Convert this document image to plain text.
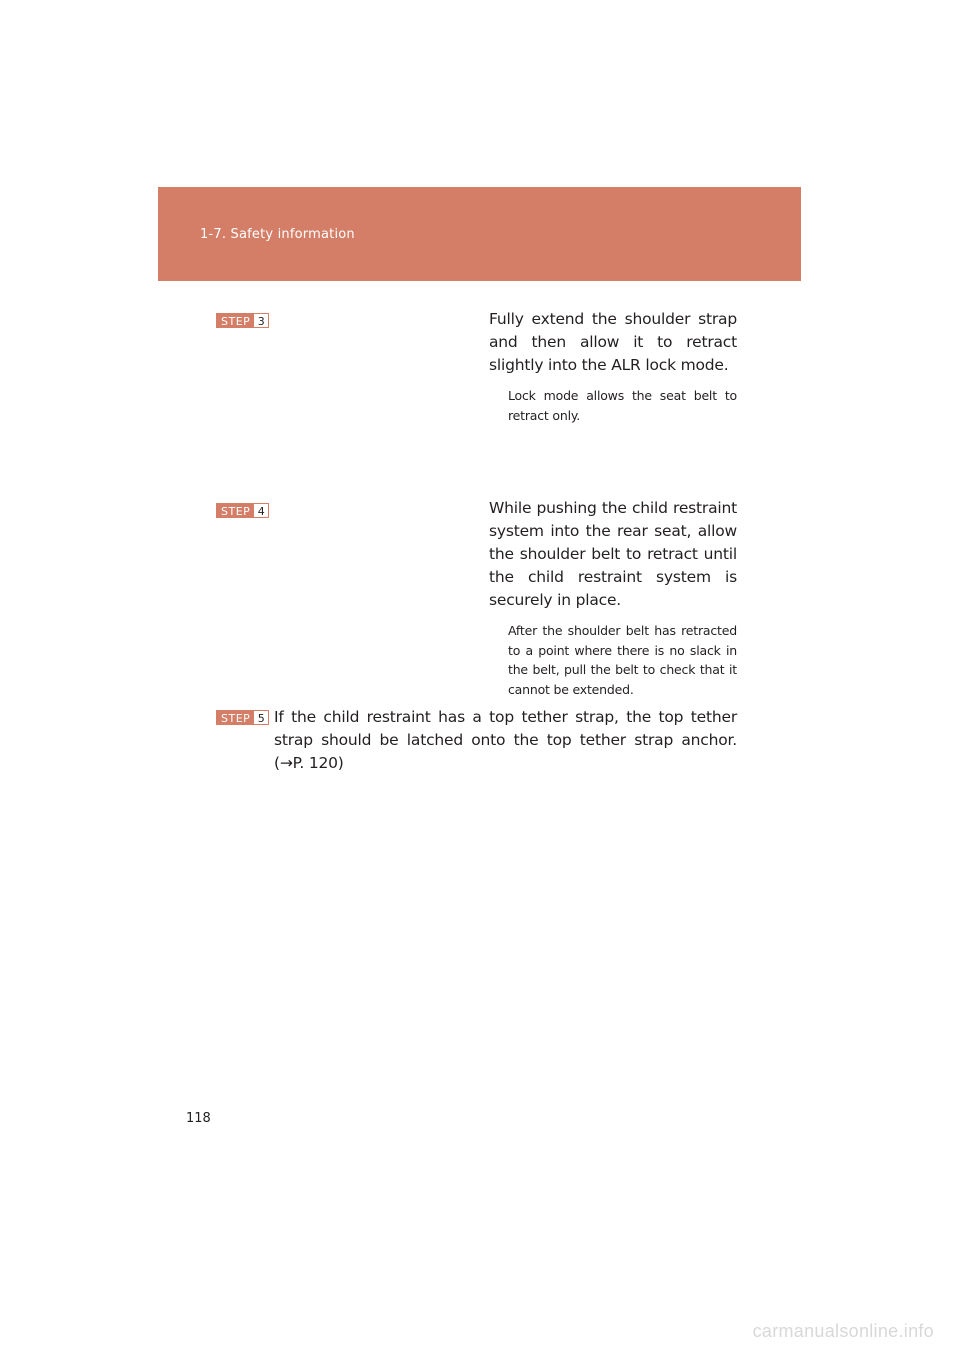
1-7. Safety information
STEP 3	Fully extend the shoulder strap and then allow it to retract slightly into the ALR lock mode.
Lock mode allows the seat belt to retract only.
STEP 4	While pushing the child restraint system into the rear seat, allow the shoulder belt to retract until the child restraint system is securely in place.
After the shoulder belt has retracted to a point where there is no slack in the belt, pull the belt to check that it cannot be extended.
STEP 5 If the child restraint has a top tether strap, the top tether strap should be latched onto the top tether strap anchor. (→P. 120)
118
carmanualsonline.info
